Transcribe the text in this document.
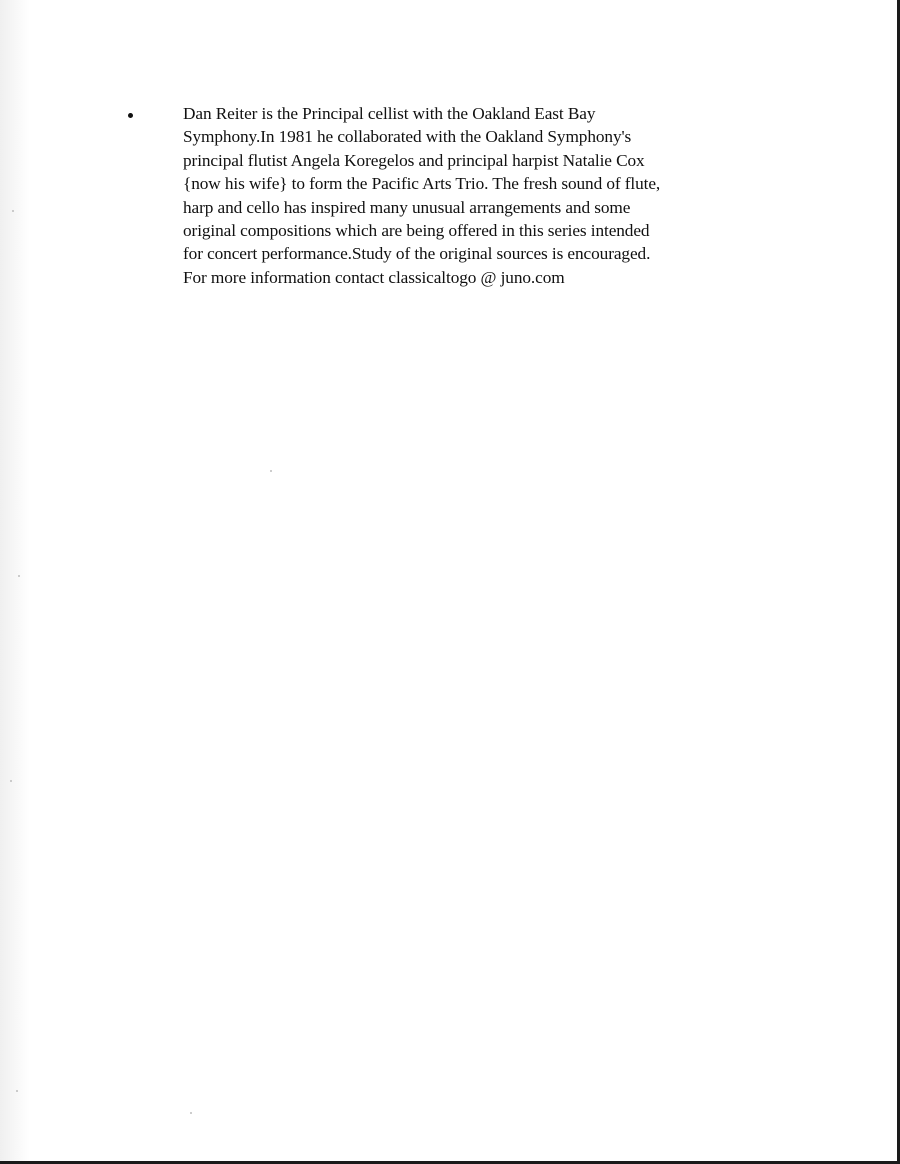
Dan Reiter is the Principal cellist with the Oakland East Bay
Symphony.In 1981 he collaborated with the Oakland Symphony's
principal flutist Angela Koregelos and principal harpist Natalie Cox
{now his wife} to form the Pacific Arts Trio. The fresh sound of flute,
harp and cello has inspired many unusual arrangements and some
original compositions which are being offered in this series intended
for concert performance.Study of the original sources is encouraged.
For more information contact classicaltogo @ juno.com
